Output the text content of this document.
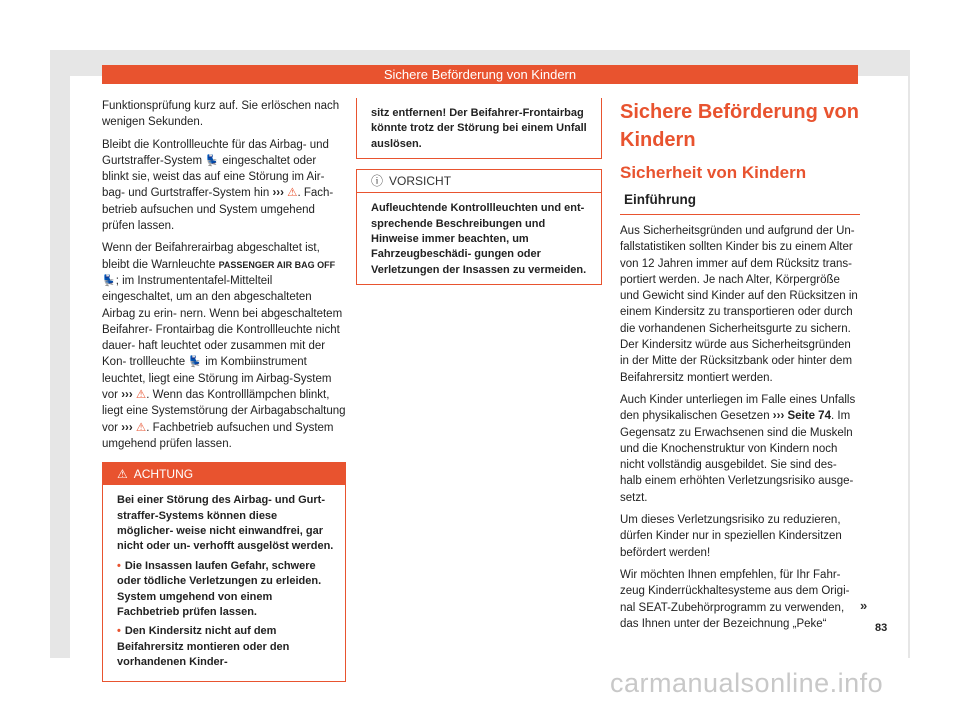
Sichere Beförderung von Kindern

Funktionsprüfung kurz auf. Sie erlöschen nach wenigen Sekunden.

Bleibt die Kontrollleuchte für das Airbag- und Gurtstraffer-System 💺 eingeschaltet oder blinkt sie, weist das auf eine Störung im Air- bag- und Gurtstraffer-System hin ››› ⚠. Fach- betrieb aufsuchen und System umgehend prüfen lassen.

Wenn der Beifahrerairbag abgeschaltet ist, bleibt die Warnleuchte PASSENGER AIR BAG OFF 💺; im Instrumententafel-Mittelteil eingeschaltet, um an den abgeschalteten Airbag zu erin- nern. Wenn bei abgeschaltetem Beifahrer- Frontairbag die Kontrollleuchte nicht dauer- haft leuchtet oder zusammen mit der Kon- trollleuchte 💺 im Kombiinstrument leuchtet, liegt eine Störung im Airbag-System vor ››› ⚠. Wenn das Kontrolllämpchen blinkt, liegt eine Systemstörung der Airbagabschaltung vor ››› ⚠. Fachbetrieb aufsuchen und System umgehend prüfen lassen.

⚠ ACHTUNG

Bei einer Störung des Airbag- und Gurt- straffer-Systems können diese möglicher- weise nicht einwandfrei, gar nicht oder un- verhofft ausgelöst werden.

• Die Insassen laufen Gefahr, schwere oder tödliche Verletzungen zu erleiden. System umgehend von einem Fachbetrieb prüfen lassen.

• Den Kindersitz nicht auf dem Beifahrersitz montieren oder den vorhandenen Kinder-

sitz entfernen! Der Beifahrer-Frontairbag könnte trotz der Störung bei einem Unfall auslösen.
ⓘ VORSICHT
Aufleuchtende Kontrollleuchten und ent- sprechende Beschreibungen und Hinweise immer beachten, um Fahrzeugbeschädi- gungen oder Verletzungen der Insassen zu vermeiden.
Sichere Beförderung von Kindern
Sicherheit von Kindern
Einführung

Aus Sicherheitsgründen und aufgrund der Un- fallstatistiken sollten Kinder bis zu einem Alter von 12 Jahren immer auf dem Rücksitz trans- portiert werden. Je nach Alter, Körpergröße und Gewicht sind Kinder auf den Rücksitzen in einem Kindersitz zu transportieren oder durch die vorhandenen Sicherheitsgurte zu sichern. Der Kindersitz würde aus Sicherheitsgründen in der Mitte der Rücksitzbank oder hinter dem Beifahrersitz montiert werden.

Auch Kinder unterliegen im Falle eines Unfalls den physikalischen Gesetzen ››› Seite 74. Im Gegensatz zu Erwachsenen sind die Muskeln und die Knochenstruktur von Kindern noch nicht vollständig ausgebildet. Sie sind des- halb einem erhöhten Verletzungsrisiko ausge- setzt.

Um dieses Verletzungsrisiko zu reduzieren, dürfen Kinder nur in speziellen Kindersitzen befördert werden!

Wir möchten Ihnen empfehlen, für Ihr Fahr- zeug Kinderrückhaltesysteme aus dem Origi- nal SEAT-Zubehörprogramm zu verwenden, das Ihnen unter der Bezeichnung „Peke“

»
83
carmanualsonline.info
